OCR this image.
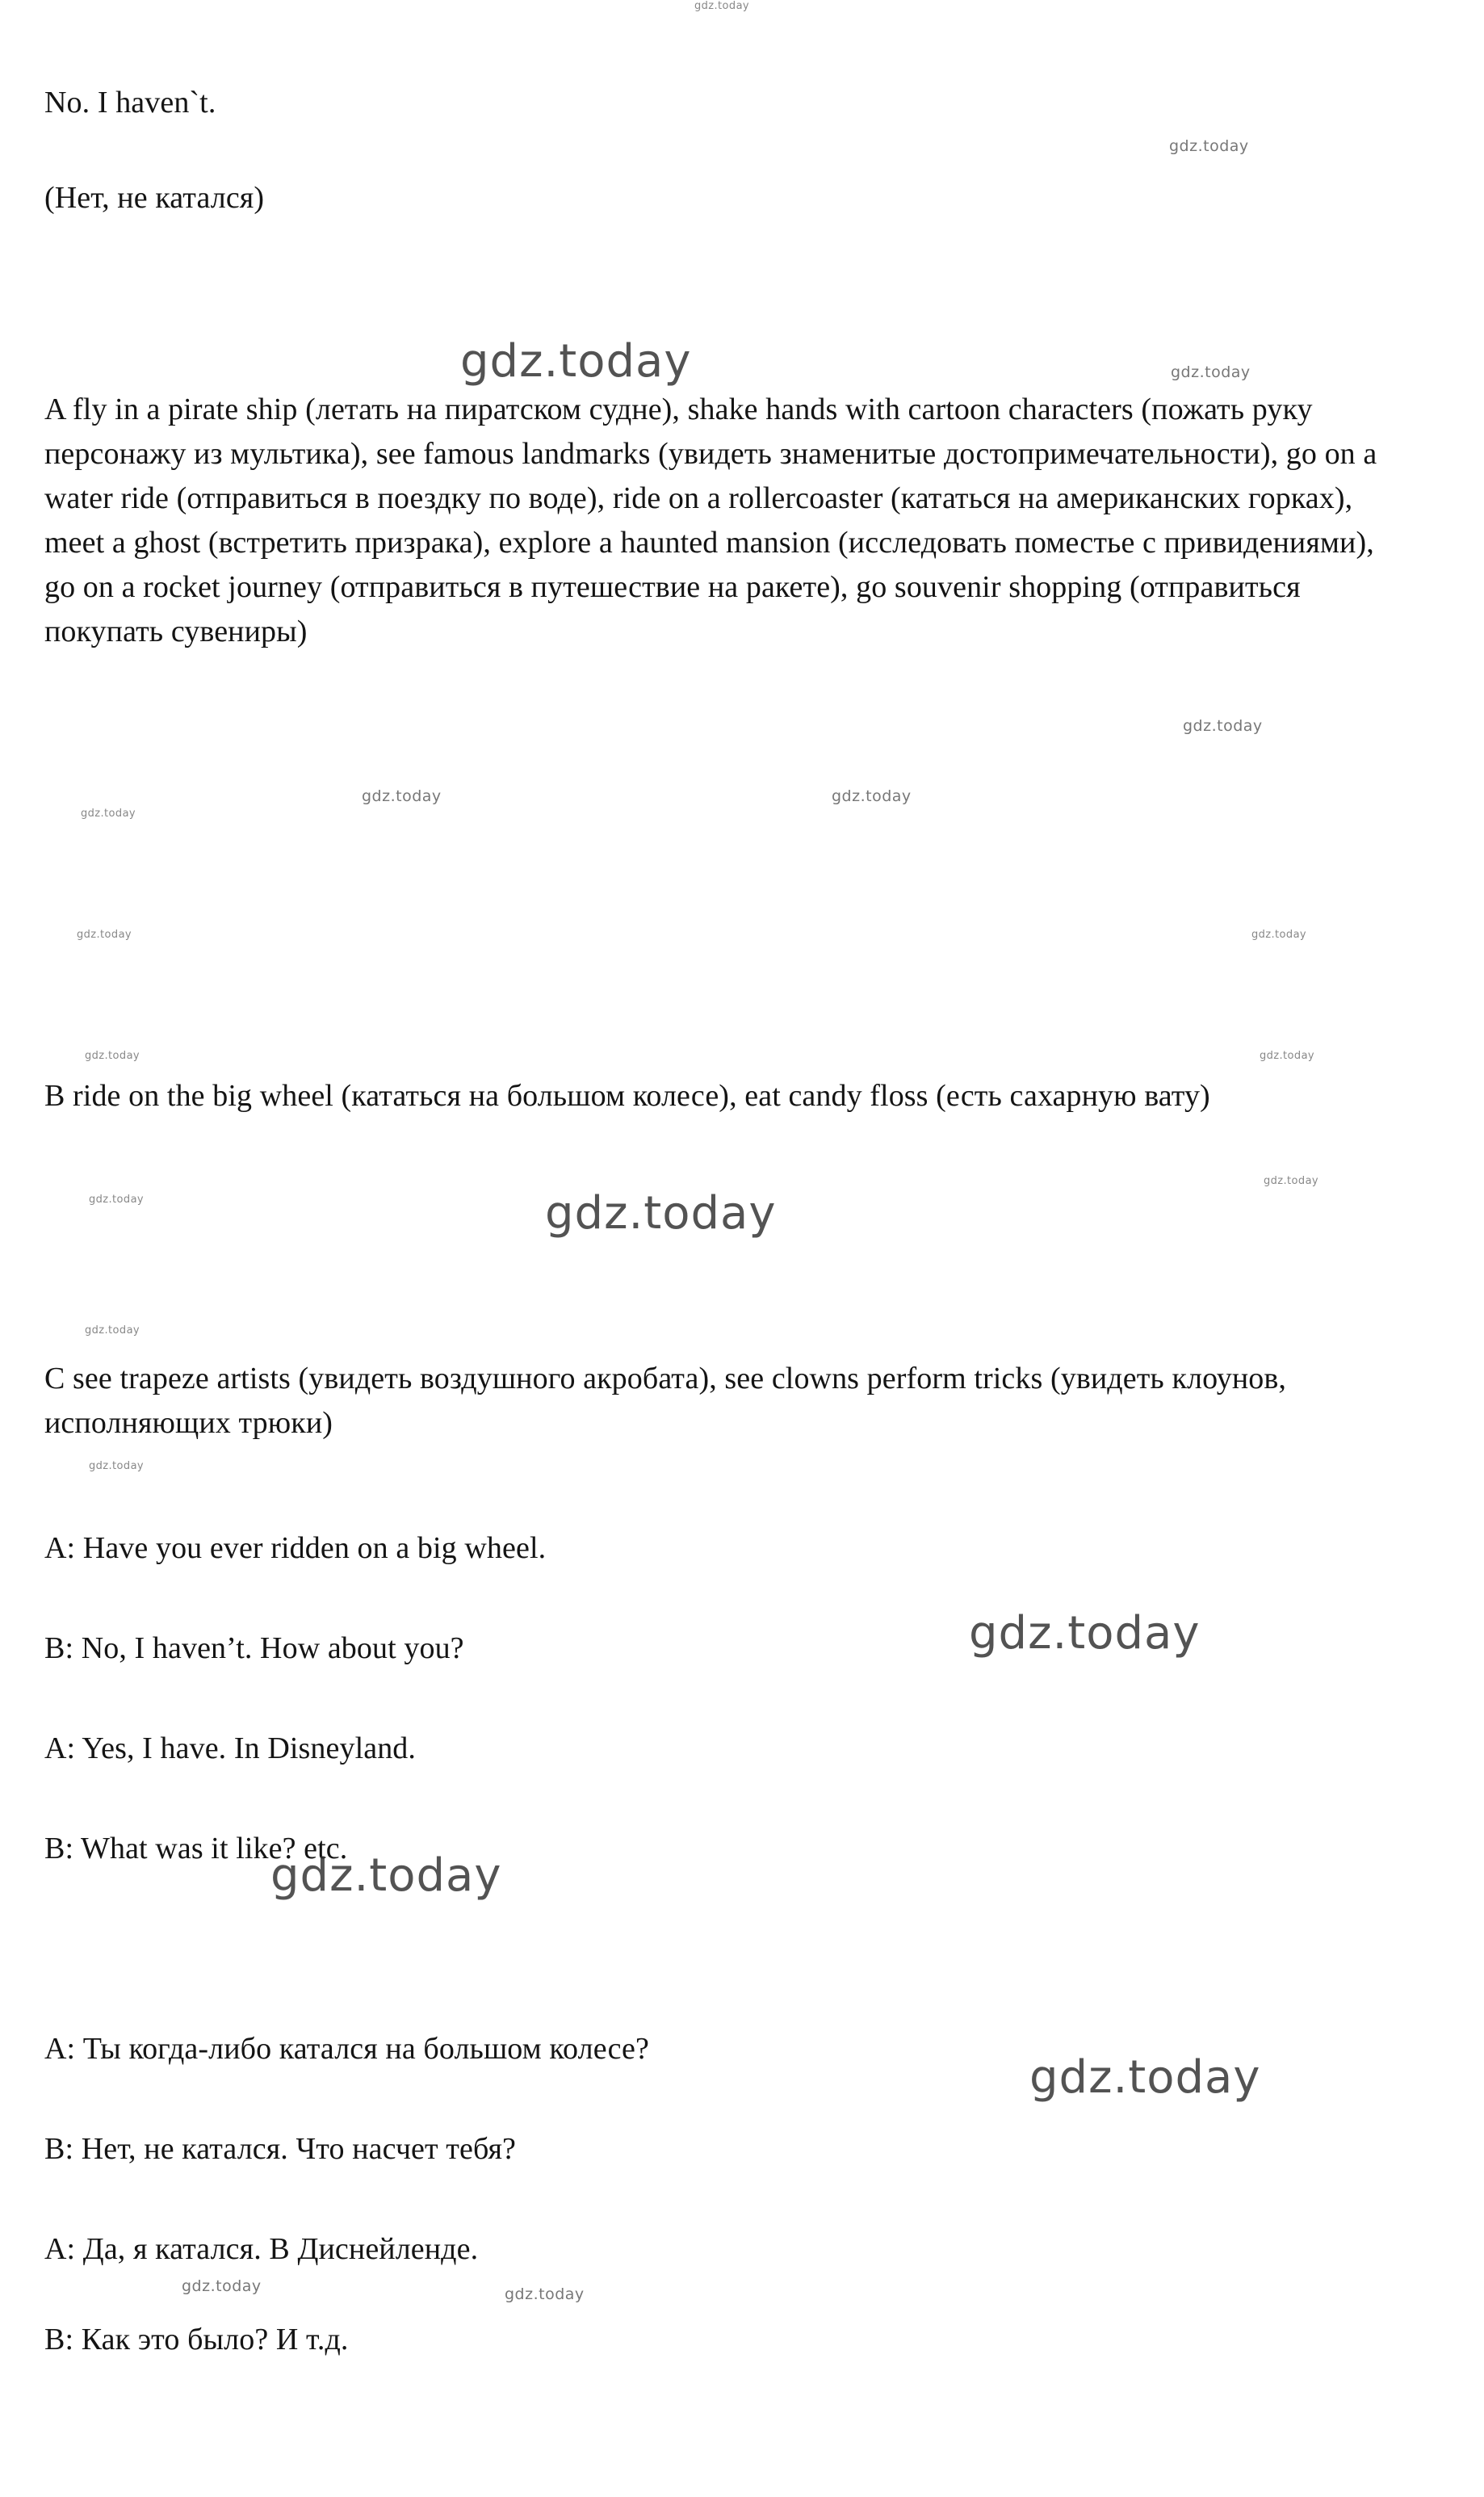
No. I haven`t.

(Нет, не катался)

A fly in a pirate ship (летать на пиратском судне), shake hands with cartoon characters (пожать руку персонажу из мультика), see famous landmarks (увидеть знаменитые достопримечательности), go on a water ride (отправиться в поездку по воде), ride on a rollercoaster (кататься на американских горках), meet a ghost (встретить призрака), explore a haunted mansion (исследовать поместье с привидениями), go on a rocket journey (отправиться в путешествие на ракете), go souvenir shopping (отправиться покупать сувениры)

B ride on the big wheel (кататься на большом колесе), eat candy floss (есть сахарную вату)

C see trapeze artists (увидеть воздушного акробата), see clowns perform tricks (увидеть клоунов, исполняющих трюки)

A: Have you ever ridden on a big wheel.

B: No, I haven’t. How about you?

A: Yes, I have. In Disneyland.

B: What was it like? etc.

A: Ты когда-либо катался на большом колесе?

B: Нет, не катался. Что насчет тебя?

A: Да, я катался. В Диснейленде.

B: Как это было? И т.д.

gdz.today
gdz.today
gdz.today	gdz.today
gdz.today
gdz.today	gdz.today
gdz.today
gdz.today	gdz.today
gdz.today
gdz.today
gdz.today
gdz.today	gdz.today
gdz.today
gdz.today
gdz.today
gdz.today
gdz.today
gdz.today	gdz.today
